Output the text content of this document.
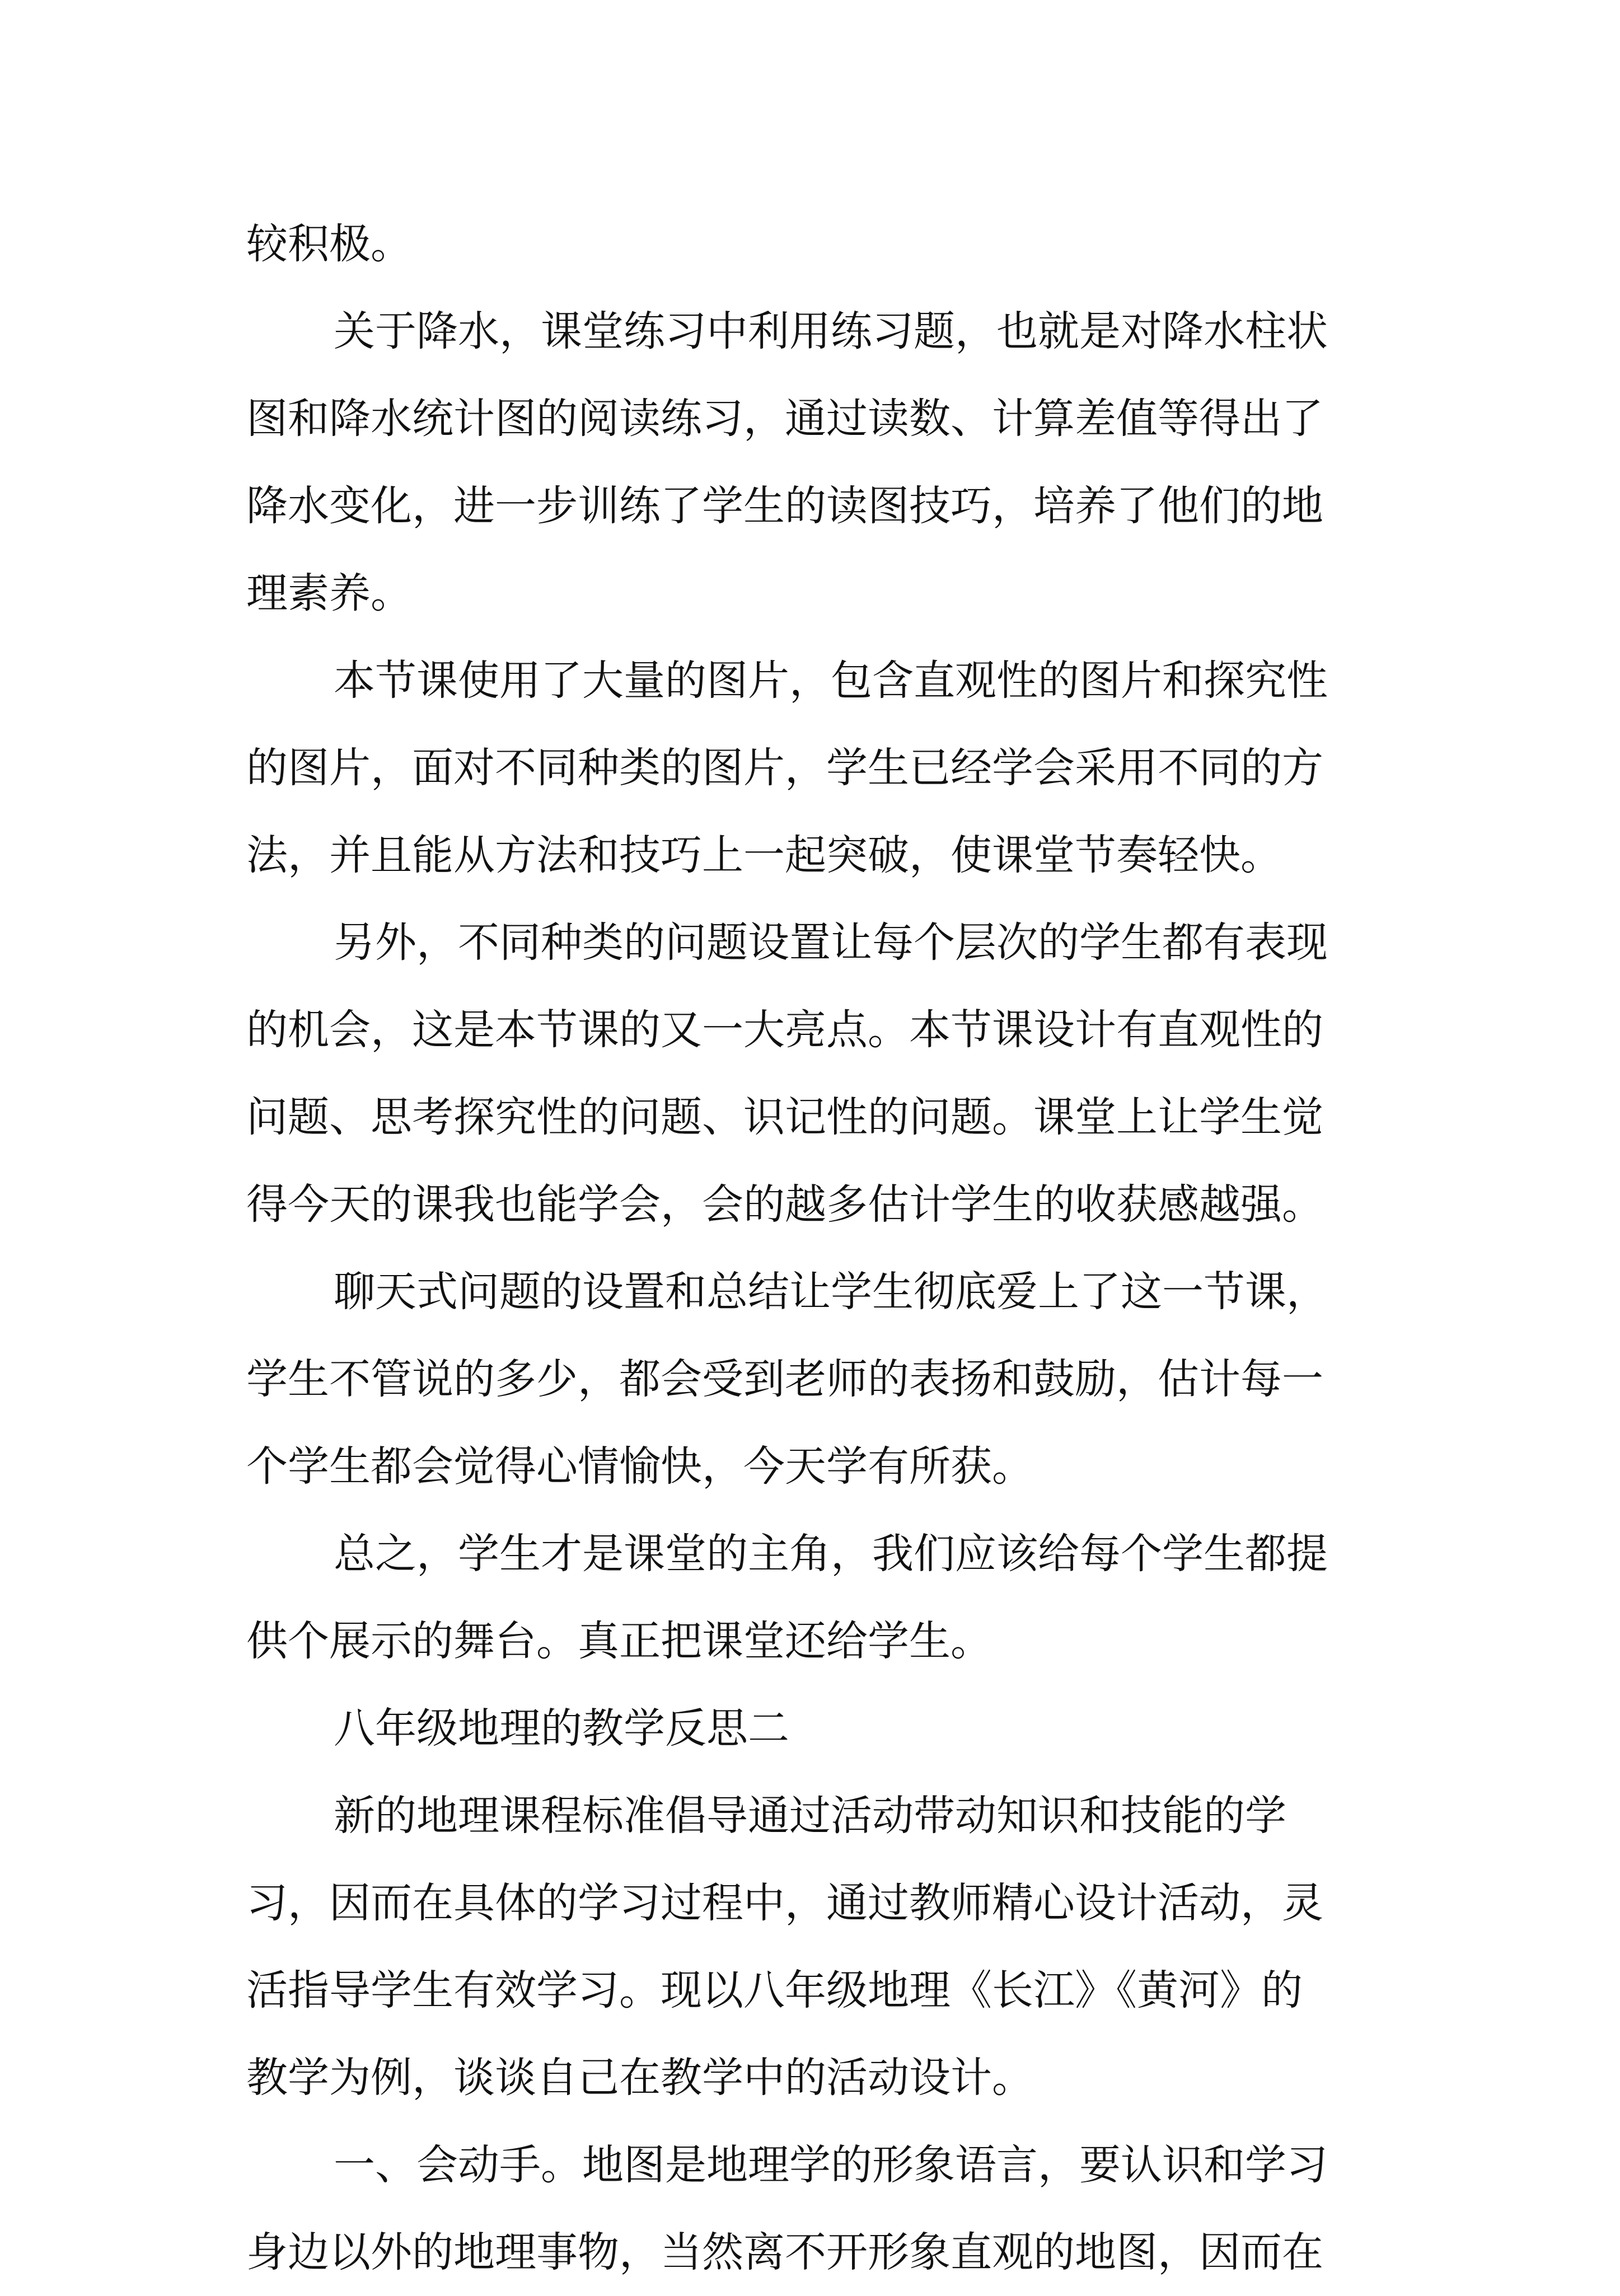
较积极。
关于降水，课堂练习中利用练习题，也就是对降水柱状
图和降水统计图的阅读练习，通过读数、计算差值等得出了
降水变化，进一步训练了学生的读图技巧，培养了他们的地
理素养。
本节课使用了大量的图片，包含直观性的图片和探究性
的图片，面对不同种类的图片，学生已经学会采用不同的方
法，并且能从方法和技巧上一起突破，使课堂节奏轻快。
另外，不同种类的问题设置让每个层次的学生都有表现
的机会，这是本节课的又一大亮点。本节课设计有直观性的
问题、思考探究性的问题、识记性的问题。课堂上让学生觉
得今天的课我也能学会，会的越多估计学生的收获感越强。
聊天式问题的设置和总结让学生彻底爱上了这一节课，
学生不管说的多少，都会受到老师的表扬和鼓励，估计每一
个学生都会觉得心情愉快，今天学有所获。
总之，学生才是课堂的主角，我们应该给每个学生都提
供个展示的舞台。真正把课堂还给学生。
八年级地理的教学反思二
新的地理课程标准倡导通过活动带动知识和技能的学
习，因而在具体的学习过程中，通过教师精心设计活动，灵
活指导学生有效学习。现以八年级地理《长江》《黄河》的
教学为例，谈谈自己在教学中的活动设计。
一、会动手。地图是地理学的形象语言，要认识和学习
身边以外的地理事物，当然离不开形象直观的地图，因而在
